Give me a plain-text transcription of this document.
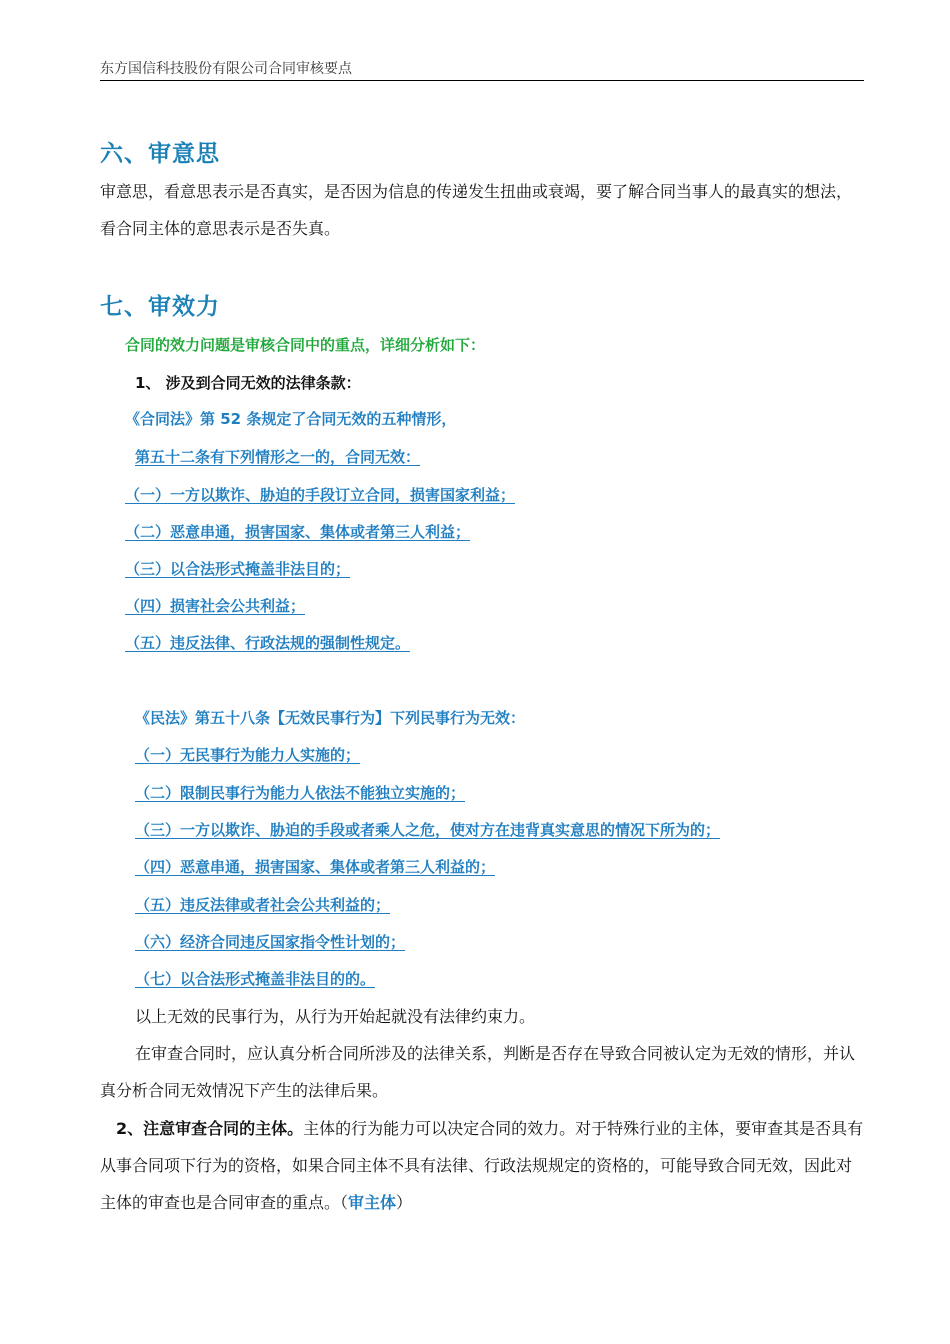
东方国信科技股份有限公司合同审核要点
六、审意思

审意思，看意思表示是否真实，是否因为信息的传递发生扭曲或衰竭，要了解合同当事人的最真实的想法，看合同主体的意思表示是否失真。

七、审效力
合同的效力问题是审核合同中的重点，详细分析如下：
1、 涉及到合同无效的法律条款：
《合同法》第 52 条规定了合同无效的五种情形，
第五十二条有下列情形之一的，合同无效：
（一）一方以欺诈、胁迫的手段订立合同，损害国家利益；
（二）恶意串通，损害国家、集体或者第三人利益；
（三）以合法形式掩盖非法目的；
（四）损害社会公共利益；
（五）违反法律、行政法规的强制性规定。
《民法》第五十八条【无效民事行为】下列民事行为无效：
（一）无民事行为能力人实施的；
（二）限制民事行为能力人依法不能独立实施的；
（三）一方以欺诈、胁迫的手段或者乘人之危，使对方在违背真实意思的情况下所为的；
（四）恶意串通，损害国家、集体或者第三人利益的；
（五）违反法律或者社会公共利益的；
（六）经济合同违反国家指令性计划的；
（七）以合法形式掩盖非法目的的。
以上无效的民事行为，从行为开始起就没有法律约束力。

在审查合同时，应认真分析合同所涉及的法律关系，判断是否存在导致合同被认定为无效的情形，并认真分析合同无效情况下产生的法律后果。

2、注意审查合同的主体。主体的行为能力可以决定合同的效力。对于特殊行业的主体，要审查其是否具有从事合同项下行为的资格，如果合同主体不具有法律、行政法规规定的资格的，可能导致合同无效，因此对主体的审查也是合同审查的重点。（审主体）
